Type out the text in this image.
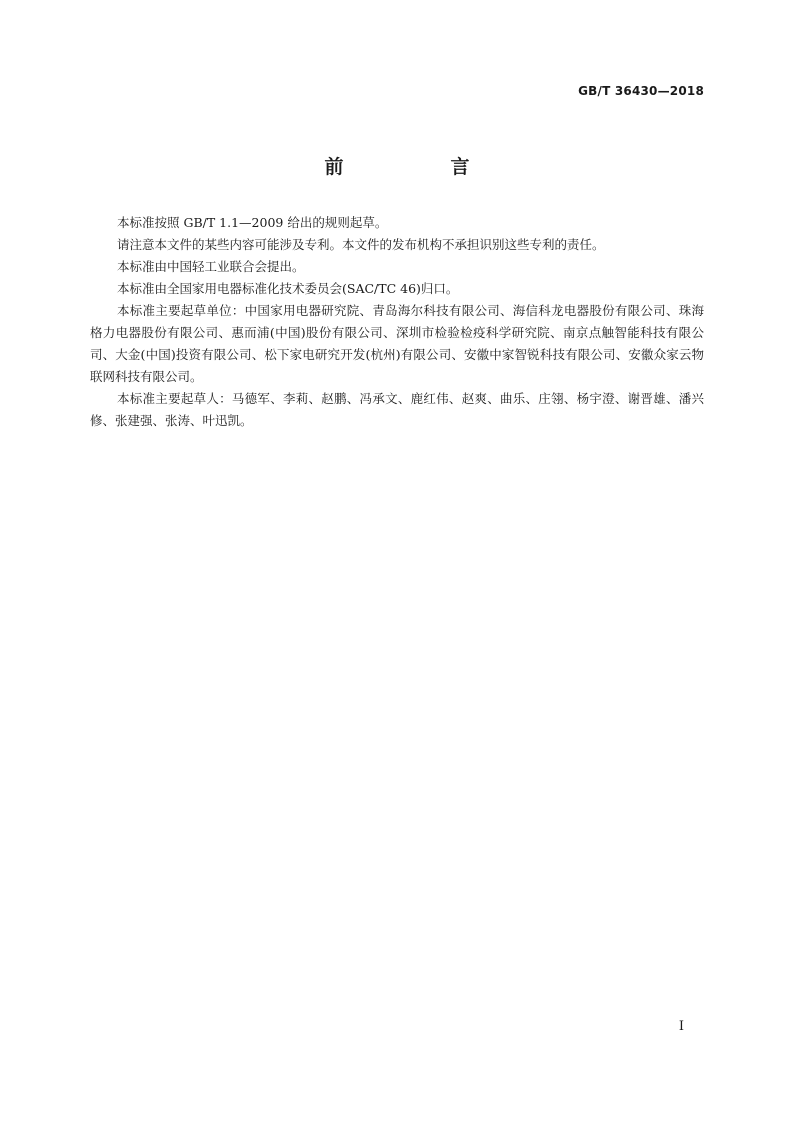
GB/T 36430—2018
前　言

本标准按照 GB/T 1.1—2009 给出的规则起草。

请注意本文件的某些内容可能涉及专利。本文件的发布机构不承担识别这些专利的责任。

本标准由中国轻工业联合会提出。

本标准由全国家用电器标准化技术委员会(SAC/TC 46)归口。

本标准主要起草单位：中国家用电器研究院、青岛海尔科技有限公司、海信科龙电器股份有限公司、珠海格力电器股份有限公司、惠而浦(中国)股份有限公司、深圳市检验检疫科学研究院、南京点触智能科技有限公司、大金(中国)投资有限公司、松下家电研究开发(杭州)有限公司、安徽中家智锐科技有限公司、安徽众家云物联网科技有限公司。

本标准主要起草人：马德军、李莉、赵鹏、冯承文、鹿红伟、赵爽、曲乐、庄翎、杨宇澄、谢晋雄、潘兴修、张建强、张涛、叶迅凯。

I
